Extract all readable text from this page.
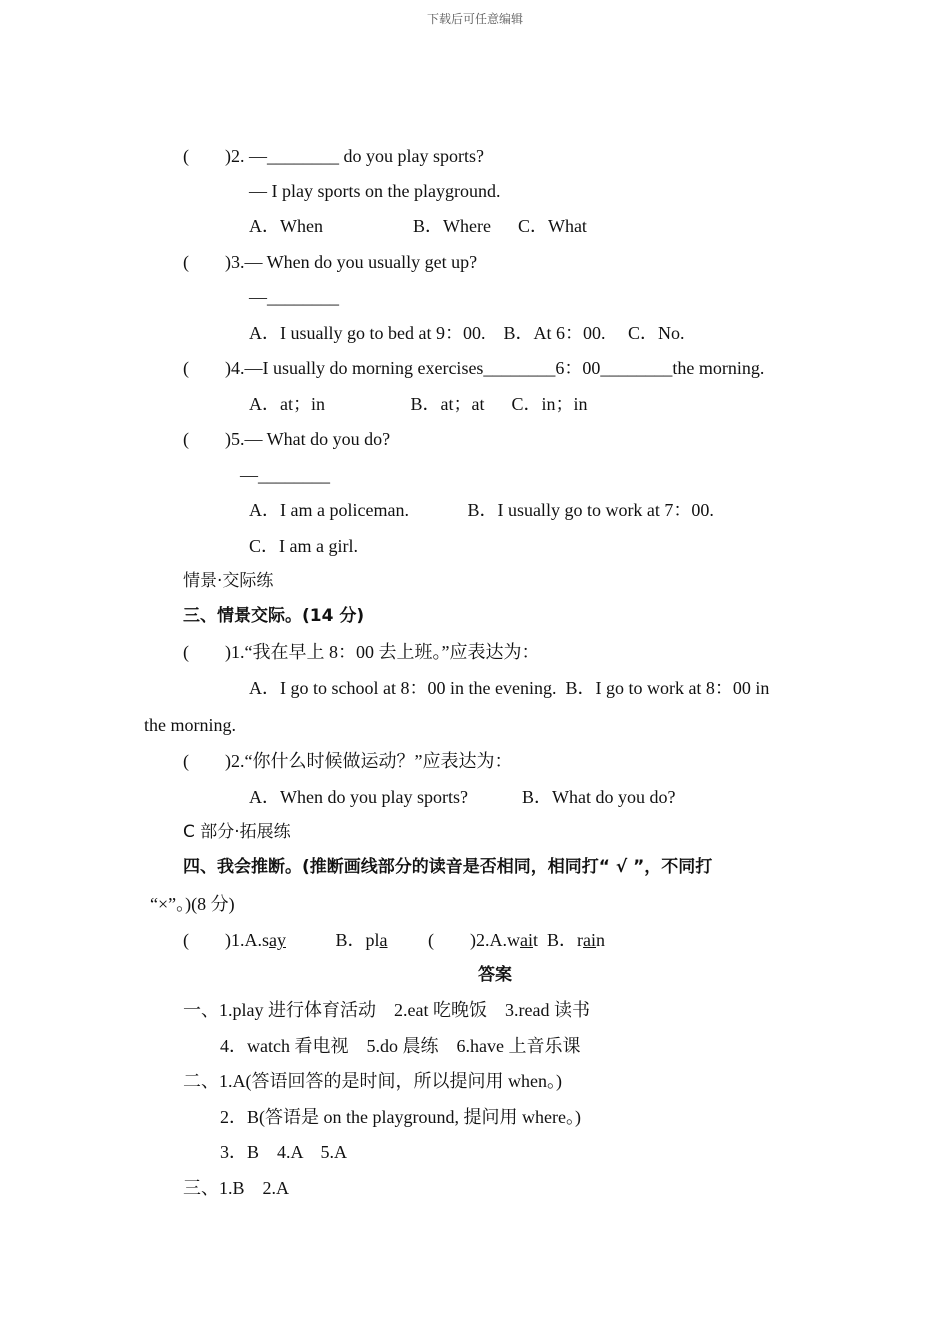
下载后可任意编辑

(        )2. —________ do you play sports?

— I play sports on the playground.

A．When                    B．Where      C．What

(        )3.— When do you usually get up?

—________

A．I usually go to bed at 9：00.    B．At 6：00.     C．No.

(        )4.—I usually do morning exercises________6：00________the morning.

A．at；in                   B．at；at      C．in；in

(        )5.— What do you do?

—________

A．I am a policeman.             B．I usually go to work at 7：00.

C．I am a girl.

情景·交际练

三、情景交际。(14 分)

(        )1.“我在早上 8：00 去上班。”应表达为：

A．I go to school at 8：00 in the evening.  B．I go to work at 8：00 in

the morning.

(        )2.“你什么时候做运动？”应表达为：

A．When do you play sports?            B．What do you do?

C 部分·拓展练

四、我会推断。(推断画线部分的读音是否相同，相同打“ √ ”，不同打

“×”。)(8 分)

(        )1.A.say           B．pla         (        )2.A.wait  B．rain

答案

一、1.play 进行体育活动    2.eat 吃晚饭    3.read 读书

4．watch 看电视    5.do 晨练    6.have 上音乐课

二、1.A(答语回答的是时间，所以提问用 when。)

2．B(答语是 on the playground, 提问用 where。)

3．B    4.A    5.A

三、1.B    2.A
